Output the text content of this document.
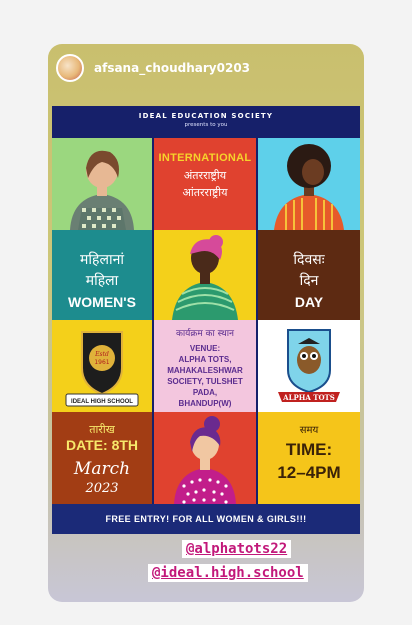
afsana_choudhary0203
IDEAL EDUCATION SOCIETY
presents to you
INTERNATIONAL
अंतरराष्ट्रीय
आंतरराष्ट्रीय
महिलानां
महिला
WOMEN'S
दिवसः
दिन
DAY
Estd
1961
IDEAL HIGH SCHOOL
कार्यक्रम का स्थान
VENUE:
ALPHA TOTS,
MAHAKALESHWAR
SOCIETY, TULSHET
PADA,
BHANDUP(W)
ALPHA TOTS
तारीख
DATE: 8TH
March
2023
समय
TIME:
12–4PM
FREE ENTRY! FOR ALL WOMEN & GIRLS!!!
@alphatots22
@ideal.high.school
